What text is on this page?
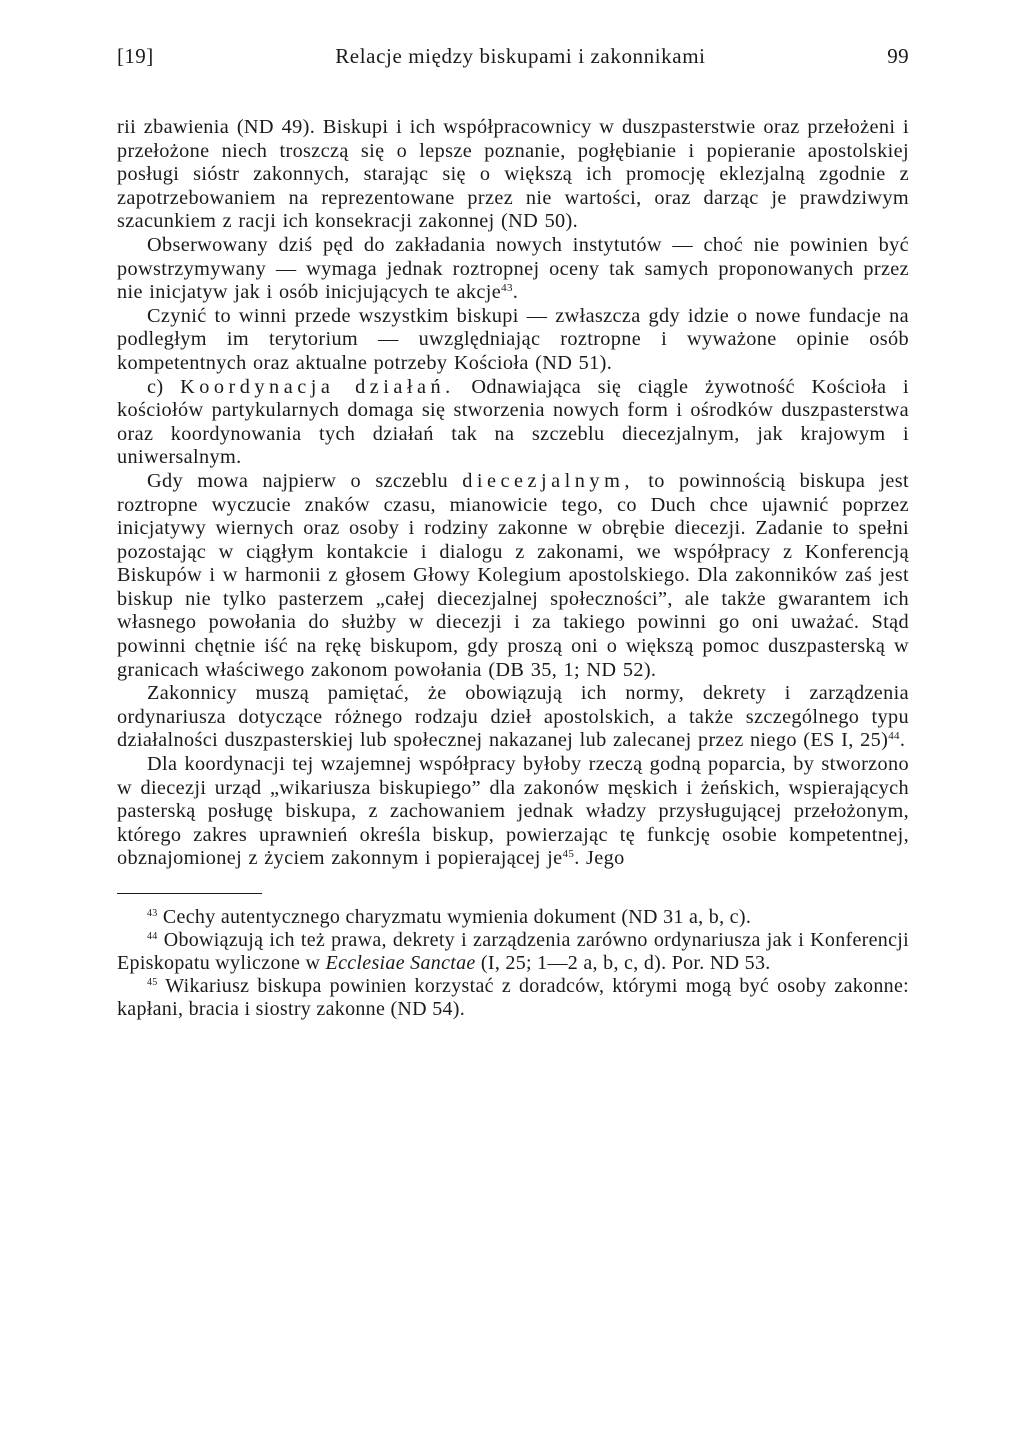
[19]	Relacje między biskupami i zakonnikami	99

rii zbawienia (ND 49). Biskupi i ich współpracownicy w duszpasterstwie oraz przełożeni i przełożone niech troszczą się o lepsze poznanie, pogłębianie i popieranie apostolskiej posługi sióstr zakonnych, starając się o większą ich promocję eklezjalną zgodnie z zapotrzebowaniem na reprezentowane przez nie wartości, oraz darząc je prawdziwym szacunkiem z racji ich konsekracji zakonnej (ND 50).

Obserwowany dziś pęd do zakładania nowych instytutów — choć nie powinien być powstrzymywany — wymaga jednak roztropnej oceny tak samych proponowanych przez nie inicjatyw jak i osób inicjujących te akcje$^{43}$.

Czynić to winni przede wszystkim biskupi — zwłaszcza gdy idzie o nowe fundacje na podległym im terytorium — uwzględniając roztropne i wyważone opinie osób kompetentnych oraz aktualne potrzeby Kościoła (ND 51).

c) Koordynacja działań. Odnawiająca się ciągle żywotność Kościoła i kościołów partykularnych domaga się stworzenia nowych form i ośrodków duszpasterstwa oraz koordynowania tych działań tak na szczeblu diecezjalnym, jak krajowym i uniwersalnym.

Gdy mowa najpierw o szczeblu diecezjalnym, to powinnością biskupa jest roztropne wyczucie znaków czasu, mianowicie tego, co Duch chce ujawnić poprzez inicjatywy wiernych oraz osoby i rodziny zakonne w obrębie diecezji. Zadanie to spełni pozostając w ciągłym kontakcie i dialogu z zakonami, we współpracy z Konferencją Biskupów i w harmonii z głosem Głowy Kolegium apostolskiego. Dla zakonników zaś jest biskup nie tylko pasterzem „całej diecezjalnej społeczności”, ale także gwarantem ich własnego powołania do służby w diecezji i za takiego powinni go oni uważać. Stąd powinni chętnie iść na rękę biskupom, gdy proszą oni o większą pomoc duszpasterską w granicach właściwego zakonom powołania (DB 35, 1; ND 52).

Zakonnicy muszą pamiętać, że obowiązują ich normy, dekrety i zarządzenia ordynariusza dotyczące różnego rodzaju dzieł apostolskich, a także szczególnego typu działalności duszpasterskiej lub społecznej nakazanej lub zalecanej przez niego (ES I, 25)$^{44}$.

Dla koordynacji tej wzajemnej współpracy byłoby rzeczą godną poparcia, by stworzono w diecezji urząd „wikariusza biskupiego” dla zakonów męskich i żeńskich, wspierających pasterską posługę biskupa, z zachowaniem jednak władzy przysługującej przełożonym, którego zakres uprawnień określa biskup, powierzając tę funkcję osobie kompetentnej, obznajomionej z życiem zakonnym i popierającej $je^{45}$. Jego

$^{43}$ Cechy autentycznego charyzmatu wymienia dokument (ND 31 a, b, c).

$^{44}$ Obowiązują ich też prawa, dekrety i zarządzenia zarówno ordynariusza jak i Konferencji Episkopatu wyliczone w Ecclesiae Sanctae (I, 25; 1—2 a, b, c, d). Por. ND 53.

$^{45}$ Wikariusz biskupa powinien korzystać z doradców, którymi mogą być osoby zakonne: kapłani, bracia i siostry zakonne (ND 54).
